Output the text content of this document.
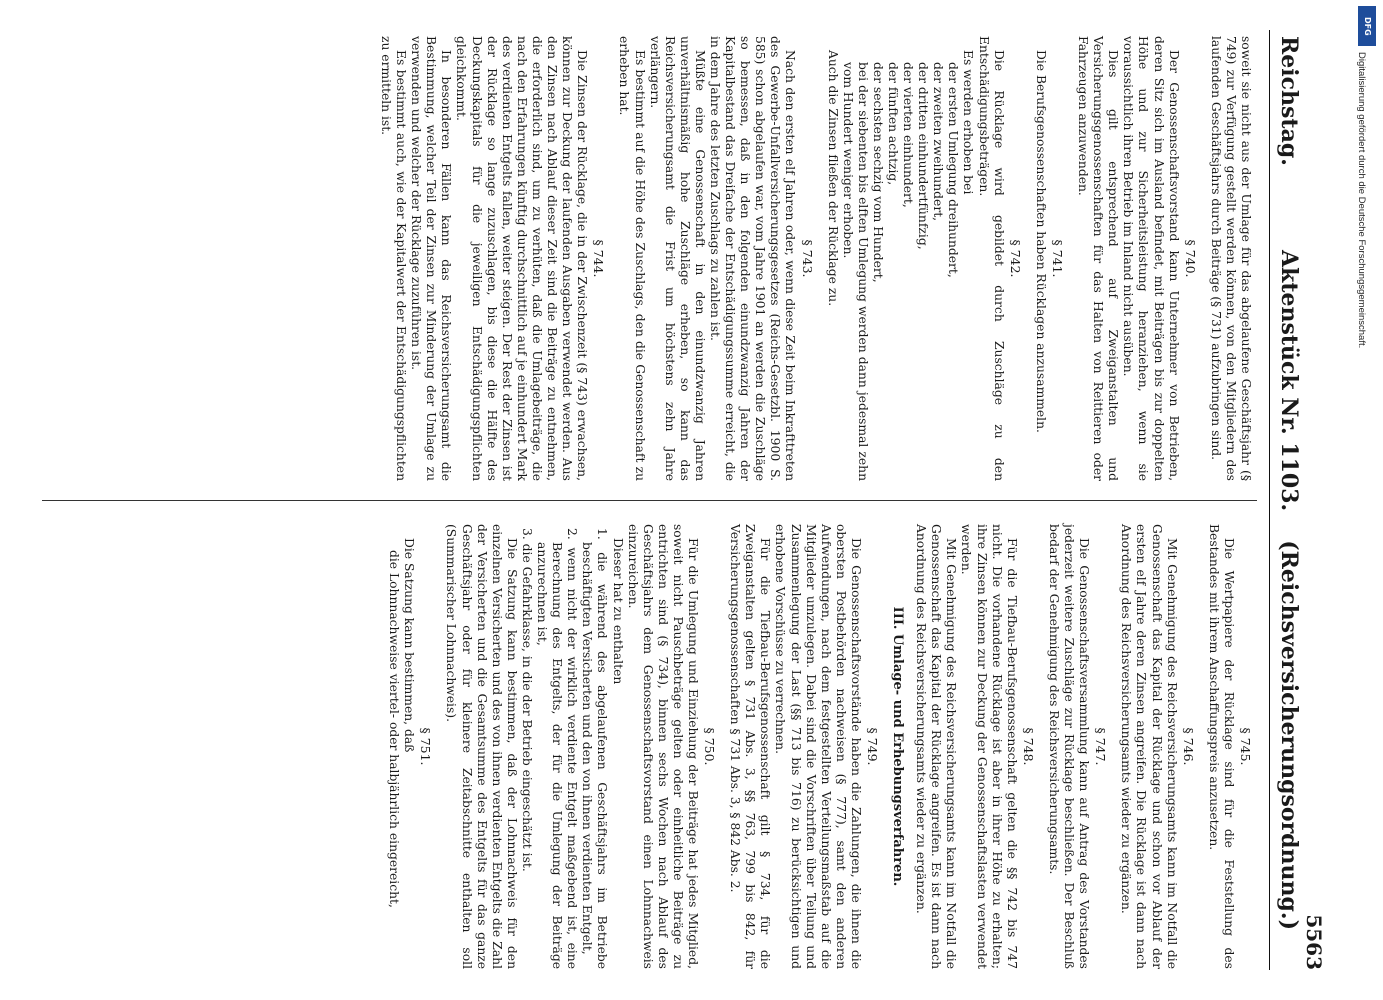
DFG
Digitalisierung gefördert durch die Deutsche Forschungsgemeinschaft.
Reichstag.
Aktenstück Nr. 1103.
(Reichsversicherungsordnung.)
5563

soweit sie nicht aus der Umlage für das abgelaufene Geschäftsjahr (§ 749) zur Verfügung gestellt werden können, von den Mitgliedern des laufenden Geschäftsjahrs durch Beiträge (§ 731) aufzubringen sind.

§ 740.

Der Genossenschaftsvorstand kann Unternehmer von Betrieben, deren Sitz sich im Ausland befindet, mit Beiträgen bis zur doppelten Höhe und zur Sicherheitsleistung heranziehen, wenn sie voraussichtlich ihren Betrieb im Inland nicht ausüben.

Dies gilt entsprechend auf Zweiganstalten und Versicherungsgenossenschaften für das Halten von Reittieren oder Fahrzeugen anzuwenden.

§ 741.

Die Berufsgenossenschaften haben Rücklagen anzusammeln.

§ 742.

Die Rücklage wird gebildet durch Zuschläge zu den Entschädigungsbeträgen.

Es werden erhoben bei

der ersten Umlegung dreihundert,
der zweiten zweihundert,
der dritten einhundertfünfzig,
der vierten einhundert,
der fünften achtzig,
der sechsten sechzig vom Hundert,
bei der siebenten bis elften Umlegung werden dann jedesmal zehn vom Hundert weniger erhoben.

Auch die Zinsen fließen der Rücklage zu.

§ 743.

Nach den ersten elf Jahren oder, wenn diese Zeit beim Inkrafttreten des Gewerbe-Unfallversicherungsgesetzes (Reichs-Gesetzbl. 1900 S. 585) schon abgelaufen war, vom Jahre 1901 an werden die Zuschläge so bemessen, daß in den folgenden einundzwanzig Jahren der Kapitalbestand das Dreifache der Entschädigungssumme erreicht, die in dem Jahre des letzten Zuschlags zu zahlen ist.

Müßte eine Genossenschaft in den einundzwanzig Jahren unverhältnismäßig hohe Zuschläge erheben, so kann das Reichsversicherungsamt die Frist um höchstens zehn Jahre verlängern.

Es bestimmt auf die Höhe des Zuschlags, den die Genossenschaft zu erheben hat.

§ 744.

Die Zinsen der Rücklage, die in der Zwischenzeit (§ 743) erwachsen, können zur Deckung der laufenden Ausgaben verwendet werden. Aus den Zinsen nach Ablauf dieser Zeit sind die Beiträge zu entnehmen, die erforderlich sind, um zu verhüten, daß die Umlagebeiträge, die nach den Erfahrungen künftig durchschnittlich auf je einhundert Mark des verdienten Entgelts fallen, weiter steigen. Der Rest der Zinsen ist der Rücklage so lange zuzuschlagen, bis diese die Hälfte des Deckungskapitals für die jeweiligen Entschädigungspflichten gleichkommt.

In besonderen Fällen kann das Reichsversicherungsamt die Bestimmung, welcher Teil der Zinsen zur Minderung der Umlage zu verwenden und welcher der Rücklage zuzuführen ist.

Es bestimmt auch, wie der Kapitalwert der Entschädigungspflichten zu ermitteln ist.

§ 745.

Die Wertpapiere der Rücklage sind für die Feststellung des Bestandes mit ihrem Anschaffungspreis anzusetzen.

§ 746.

Mit Genehmigung des Reichsversicherungsamts kann im Notfall die Genossenschaft das Kapital der Rücklage und schon vor Ablauf der ersten elf Jahre deren Zinsen angreifen. Die Rücklage ist dann nach Anordnung des Reichsversicherungsamts wieder zu ergänzen.

§ 747.

Die Genossenschaftsversammlung kann auf Antrag des Vorstandes jederzeit weitere Zuschläge zur Rücklage beschließen. Der Beschluß bedarf der Genehmigung des Reichsversicherungsamts.

§ 748.

Für die Tiefbau-Berufsgenossenschaft gelten die §§ 742 bis 747 nicht. Die vorhandene Rücklage ist aber in ihrer Höhe zu erhalten; ihre Zinsen können zur Deckung der Genossenschaftslasten verwendet werden.

Mit Genehmigung des Reichsversicherungsamts kann im Notfall die Genossenschaft das Kapital der Rücklage angreifen. Es ist dann nach Anordnung des Reichsversicherungsamts wieder zu ergänzen.

III. Umlage- und Erhebungsverfahren.
§ 749.

Die Genossenschaftsvorstände haben die Zahlungen, die ihnen die obersten Postbehörden nachweisen (§ 777), samt den anderen Aufwendungen, nach dem festgestellten Verteilungsmaßstab auf die Mitglieder umzulegen. Dabei sind die Vorschriften über Teilung und Zusammenlegung der Last (§§ 713 bis 716) zu berücksichtigen und erhobene Vorschüsse zu verrechnen.

Für die Tiefbau-Berufsgenossenschaft gilt § 734, für die Zweiganstalten gelten § 731 Abs. 3, §§ 763, 799 bis 842, für Versicherungsgenossenschaften § 731 Abs. 3, § 842 Abs. 2.

§ 750.

Für die Umlegung und Einziehung der Beiträge hat jedes Mitglied, soweit nicht Pauschbeträge gelten oder einheitliche Beiträge zu entrichten sind (§ 734), binnen sechs Wochen nach Ablauf des Geschäftsjahrs dem Genossenschaftsvorstand einen Lohnnachweis einzureichen.

Dieser hat zu enthalten

1. die während des abgelaufenen Geschäftsjahrs im Betriebe beschäftigten Versicherten und den von ihnen verdienten Entgelt,
2. wenn nicht der wirklich verdiente Entgelt maßgebend ist, eine Berechnung des Entgelts, der für die Umlegung der Beiträge anzurechnen ist,
3. die Gefahrklasse, in die der Betrieb eingeschätzt ist.

Die Satzung kann bestimmen, daß der Lohnnachweis für den einzelnen Versicherten und des von ihnen verdienten Entgelts die Zahl der Versicherten und die Gesamtsumme des Entgelts für das ganze Geschäftsjahr oder für kleinere Zeitabschnitte enthalten soll (Summarischer Lohnnachweis).

§ 751.

Die Satzung kann bestimmen, daß

die Lohnnachweise viertel- oder halbjährlich eingereicht,
